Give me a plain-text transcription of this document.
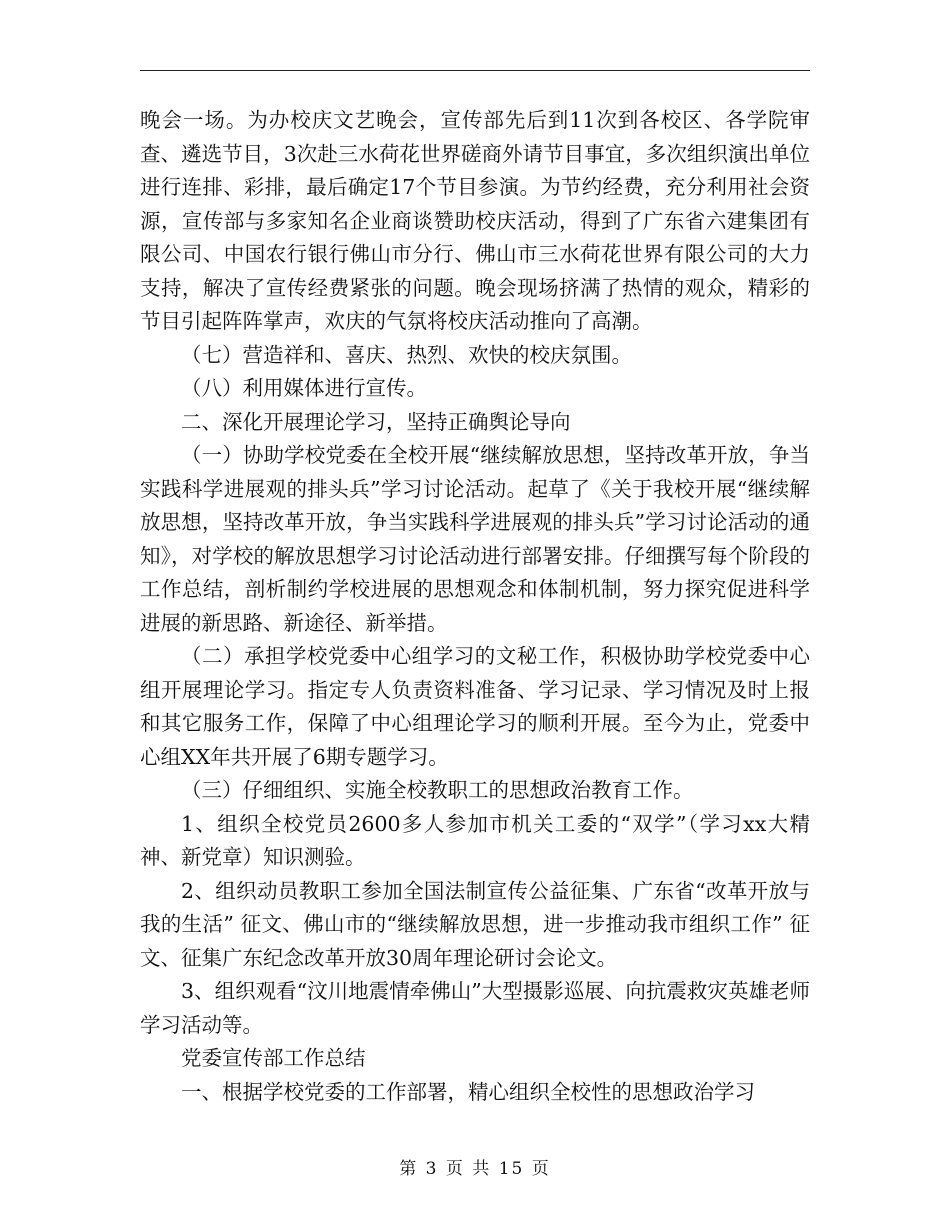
晚会一场。为办校庆文艺晚会，宣传部先后到11次到各校区、各学院审查、遴选节目，3次赴三水荷花世界磋商外请节目事宜，多次组织演出单位进行连排、彩排，最后确定17个节目参演。为节约经费，充分利用社会资源，宣传部与多家知名企业商谈赞助校庆活动，得到了广东省六建集团有限公司、中国农行银行佛山市分行、佛山市三水荷花世界有限公司的大力支持，解决了宣传经费紧张的问题。晚会现场挤满了热情的观众，精彩的节目引起阵阵掌声，欢庆的气氛将校庆活动推向了高潮。

（七）营造祥和、喜庆、热烈、欢快的校庆氛围。

（八）利用媒体进行宣传。

二、深化开展理论学习，坚持正确舆论导向

（一）协助学校党委在全校开展“继续解放思想，坚持改革开放，争当实践科学进展观的排头兵”学习讨论活动。起草了《关于我校开展“继续解放思想，坚持改革开放，争当实践科学进展观的排头兵”学习讨论活动的通知》，对学校的解放思想学习讨论活动进行部署安排。仔细撰写每个阶段的工作总结，剖析制约学校进展的思想观念和体制机制，努力探究促进科学进展的新思路、新途径、新举措。

（二）承担学校党委中心组学习的文秘工作，积极协助学校党委中心组开展理论学习。指定专人负责资料准备、学习记录、学习情况及时上报和其它服务工作，保障了中心组理论学习的顺利开展。至今为止，党委中心组XX年共开展了6期专题学习。

（三）仔细组织、实施全校教职工的思想政治教育工作。

1、组织全校党员2600多人参加市机关工委的“双学”（学习xx大精神、新党章）知识测验。

2、组织动员教职工参加全国法制宣传公益征集、广东省“改革开放与我的生活” 征文、佛山市的“继续解放思想，进一步推动我市组织工作” 征文、征集广东纪念改革开放30周年理论研讨会论文。

3、组织观看“汶川地震情牵佛山”大型摄影巡展、向抗震救灾英雄老师学习活动等。

党委宣传部工作总结

一、根据学校党委的工作部署，精心组织全校性的思想政治学习

第 3 页 共 15 页
